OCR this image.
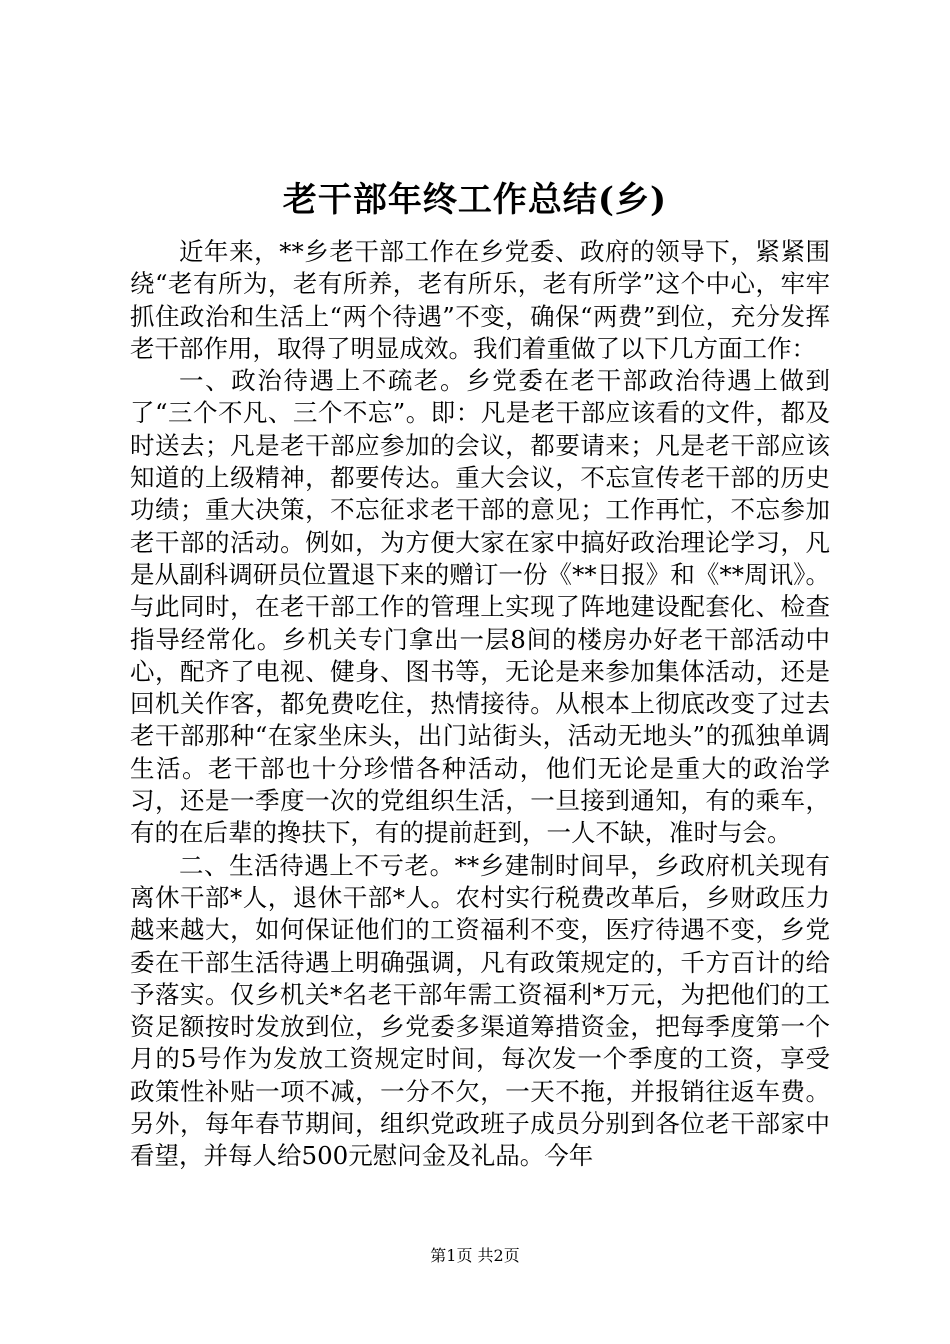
老干部年终工作总结(乡)

近年来，**乡老干部工作在乡党委、政府的领导下，紧紧围绕“老有所为，老有所养，老有所乐，老有所学”这个中心，牢牢抓住政治和生活上“两个待遇”不变，确保“两费”到位，充分发挥老干部作用，取得了明显成效。我们着重做了以下几方面工作：

一、政治待遇上不疏老。乡党委在老干部政治待遇上做到了“三个不凡、三个不忘”。即：凡是老干部应该看的文件，都及时送去；凡是老干部应参加的会议，都要请来；凡是老干部应该知道的上级精神，都要传达。重大会议，不忘宣传老干部的历史功绩；重大决策，不忘征求老干部的意见；工作再忙，不忘参加老干部的活动。例如，为方便大家在家中搞好政治理论学习，凡是从副科调研员位置退下来的赠订一份《**日报》和《**周讯》。与此同时，在老干部工作的管理上实现了阵地建设配套化、检查指导经常化。乡机关专门拿出一层8间的楼房办好老干部活动中心，配齐了电视、健身、图书等，无论是来参加集体活动，还是回机关作客，都免费吃住，热情接待。从根本上彻底改变了过去老干部那种“在家坐床头，出门站街头，活动无地头”的孤独单调生活。老干部也十分珍惜各种活动，他们无论是重大的政治学习，还是一季度一次的党组织生活，一旦接到通知，有的乘车，有的在后辈的搀扶下，有的提前赶到，一人不缺，准时与会。

二、生活待遇上不亏老。**乡建制时间早，乡政府机关现有离休干部*人，退休干部*人。农村实行税费改革后，乡财政压力越来越大，如何保证他们的工资福利不变，医疗待遇不变，乡党委在干部生活待遇上明确强调，凡有政策规定的，千方百计的给予落实。仅乡机关*名老干部年需工资福利*万元，为把他们的工资足额按时发放到位，乡党委多渠道筹措资金，把每季度第一个月的5号作为发放工资规定时间，每次发一个季度的工资，享受政策性补贴一项不减，一分不欠，一天不拖，并报销往返车费。另外，每年春节期间，组织党政班子成员分别到各位老干部家中看望，并每人给500元慰问金及礼品。今年

第1页 共2页
